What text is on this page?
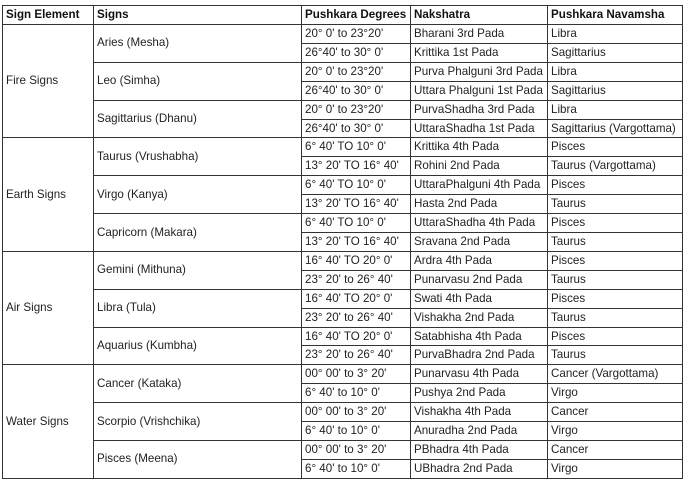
Sign Element	Signs	Pushkara Degrees	Nakshatra	Pushkara Navamsha
Fire Signs	Aries (Mesha)	20° 0' to 23°20'	Bharani 3rd Pada	Libra
		26°40' to 30° 0'	Krittika 1st Pada	Sagittarius
	Leo (Simha)	20° 0' to 23°20'	Purva Phalguni 3rd Pada	Libra
		26°40' to 30° 0'	Uttara Phalguni 1st Pada	Sagittarius
	Sagittarius (Dhanu)	20° 0' to 23°20'	PurvaShadha 3rd Pada	Libra
		26°40' to 30° 0'	UttaraShadha 1st Pada	Sagittarius (Vargottama)
Earth Signs	Taurus (Vrushabha)	6° 40' TO 10° 0'	Krittika 4th Pada	Pisces
		13° 20' TO 16° 40'	Rohini 2nd Pada	Taurus (Vargottama)
	Virgo (Kanya)	6° 40' TO 10° 0'	UttaraPhalguni 4th Pada	Pisces
		13° 20' TO 16° 40'	Hasta 2nd Pada	Taurus
	Capricorn (Makara)	6° 40' TO 10° 0'	UttaraShadha 4th Pada	Pisces
		13° 20' TO 16° 40'	Sravana 2nd Pada	Taurus
Air Signs	Gemini (Mithuna)	16° 40' TO 20° 0'	Ardra 4th Pada	Pisces
		23° 20' to 26° 40'	Punarvasu 2nd Pada	Taurus
	Libra (Tula)	16° 40' TO 20° 0'	Swati 4th Pada	Pisces
		23° 20' to 26° 40'	Vishakha 2nd Pada	Taurus
	Aquarius (Kumbha)	16° 40' TO 20° 0'	Satabhisha 4th Pada	Pisces
		23° 20' to 26° 40'	PurvaBhadra 2nd Pada	Taurus
Water Signs	Cancer (Kataka)	00° 00' to 3° 20'	Punarvasu 4th Pada	Cancer (Vargottama)
		6° 40' to 10° 0'	Pushya 2nd Pada	Virgo
	Scorpio (Vrishchika)	00° 00' to 3° 20'	Vishakha 4th Pada	Cancer
		6° 40' to 10° 0'	Anuradha 2nd Pada	Virgo
	Pisces (Meena)	00° 00' to 3° 20'	PBhadra 4th Pada	Cancer
		6° 40' to 10° 0'	UBhadra 2nd Pada	Virgo
